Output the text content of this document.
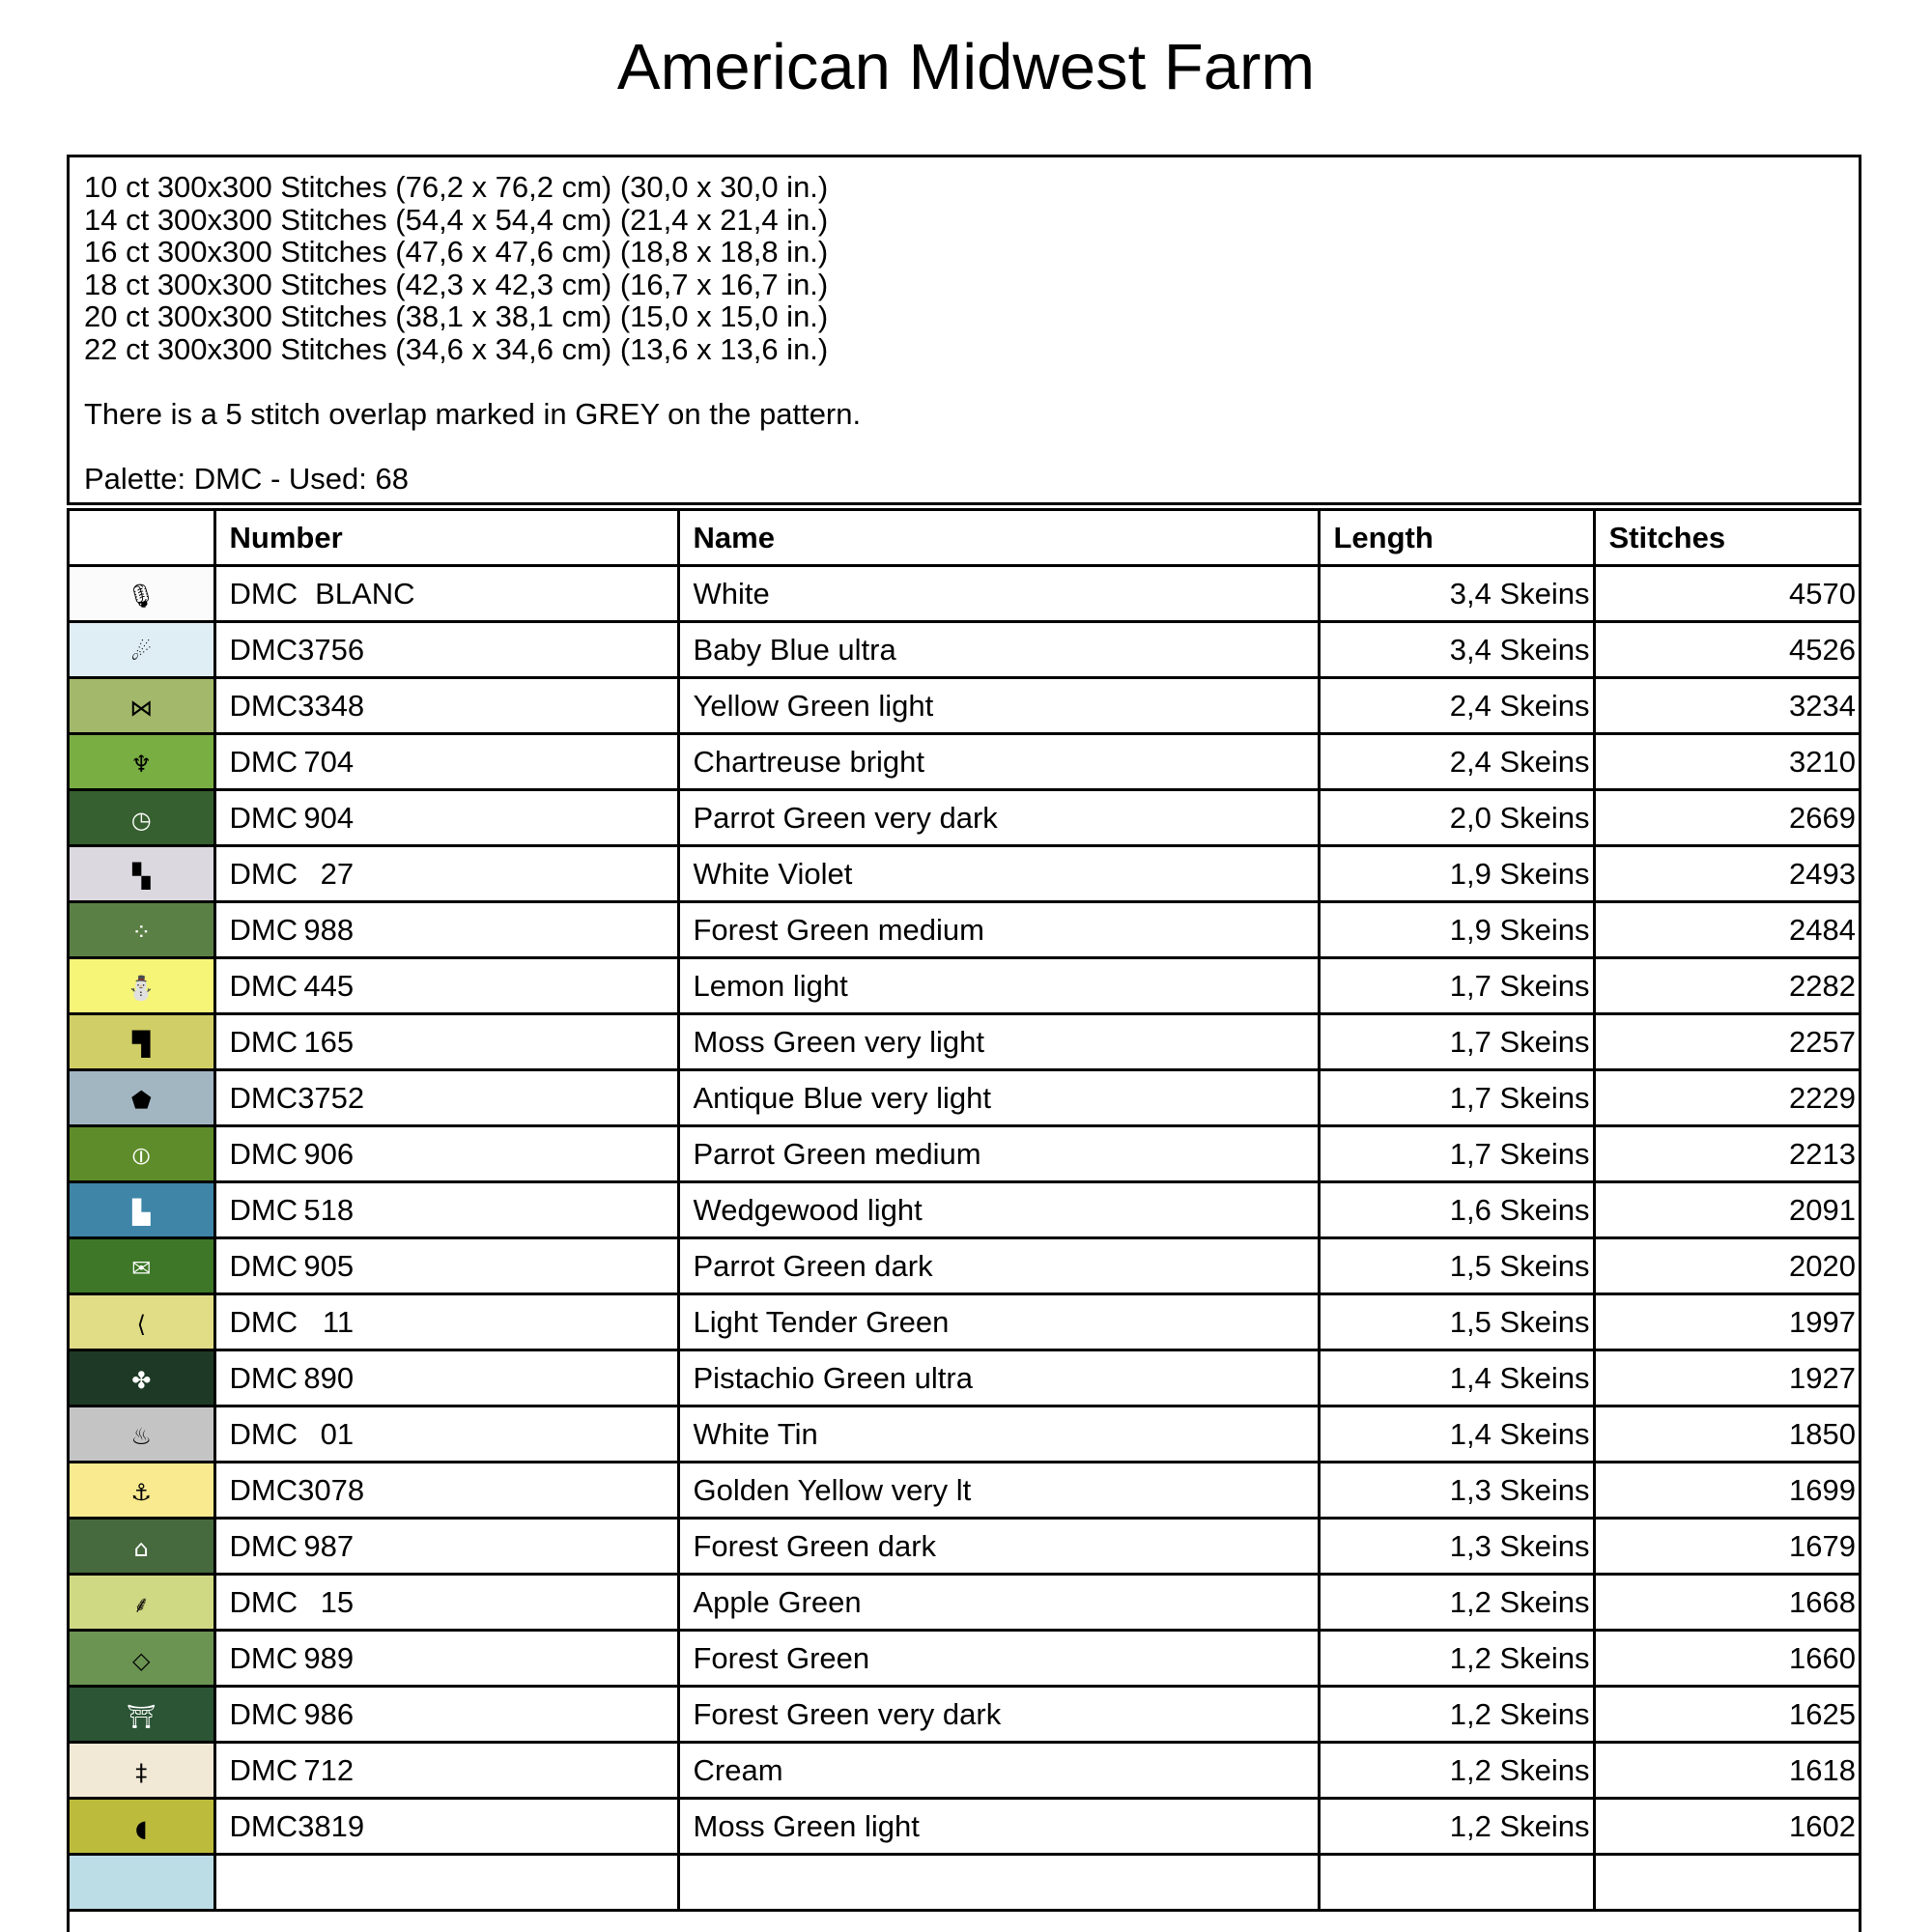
American Midwest Farm
10 ct 300x300 Stitches (76,2 x 76,2 cm) (30,0 x 30,0 in.)
14 ct 300x300 Stitches (54,4 x 54,4 cm) (21,4 x 21,4 in.)
16 ct 300x300 Stitches (47,6 x 47,6 cm) (18,8 x 18,8 in.)
18 ct 300x300 Stitches (42,3 x 42,3 cm) (16,7 x 16,7 in.)
20 ct 300x300 Stitches (38,1 x 38,1 cm) (15,0 x 15,0 in.)
22 ct 300x300 Stitches (34,6 x 34,6 cm) (13,6 x 13,6 in.)
There is a 5 stitch overlap marked in GREY on the pattern.
Palette: DMC - Used: 68
	Number	Name	Length	Stitches
🎙	DMC BLANC	White	3,4 Skeins	4570
☄	DMC3756	Baby Blue ultra	3,4 Skeins	4526
⋈	DMC3348	Yellow Green light	2,4 Skeins	3234
♆	DMC 704	Chartreuse bright	2,4 Skeins	3210
◷	DMC 904	Parrot Green very dark	2,0 Skeins	2669
▚	DMC 27	White Violet	1,9 Skeins	2493
⁘	DMC 988	Forest Green medium	1,9 Skeins	2484
⛄	DMC 445	Lemon light	1,7 Skeins	2282
▜	DMC 165	Moss Green very light	1,7 Skeins	2257
⬟	DMC3752	Antique Blue very light	1,7 Skeins	2229
⦶	DMC 906	Parrot Green medium	1,7 Skeins	2213
▙	DMC 518	Wedgewood light	1,6 Skeins	2091
✉	DMC 905	Parrot Green dark	1,5 Skeins	2020
⟨	DMC 11	Light Tender Green	1,5 Skeins	1997
✤	DMC 890	Pistachio Green ultra	1,4 Skeins	1927
♨	DMC 01	White Tin	1,4 Skeins	1850
⚓	DMC3078	Golden Yellow very lt	1,3 Skeins	1699
⌂	DMC 987	Forest Green dark	1,3 Skeins	1679
⸙	DMC 15	Apple Green	1,2 Skeins	1668
◇	DMC 989	Forest Green	1,2 Skeins	1660
⛩	DMC 986	Forest Green very dark	1,2 Skeins	1625
‡	DMC 712	Cream	1,2 Skeins	1618
◖	DMC3819	Moss Green light	1,2 Skeins	1602
